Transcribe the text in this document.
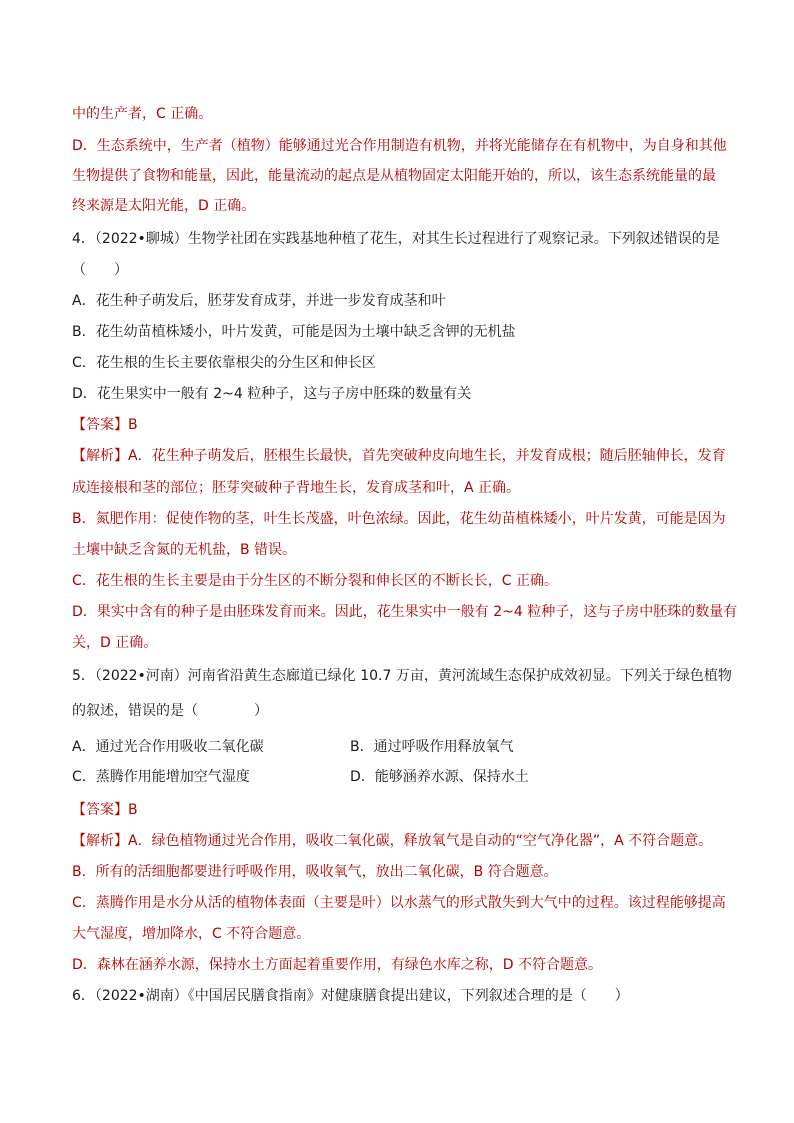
中的生产者，C 正确。
D．生态系统中，生产者（植物）能够通过光合作用制造有机物，并将光能储存在有机物中，为自身和其他
生物提供了食物和能量，因此，能量流动的起点是从植物固定太阳能开始的，所以，该生态系统能量的最
终来源是太阳光能，D 正确。
4．（2022•聊城）生物学社团在实践基地种植了花生，对其生长过程进行了观察记录。下列叙述错误的是
（　　）
A．花生种子萌发后，胚芽发育成芽，并进一步发育成茎和叶
B．花生幼苗植株矮小，叶片发黄，可能是因为土壤中缺乏含钾的无机盐
C．花生根的生长主要依靠根尖的分生区和伸长区
D．花生果实中一般有 2~4 粒种子，这与子房中胚珠的数量有关
【答案】B
【解析】A．花生种子萌发后，胚根生长最快，首先突破种皮向地生长，并发育成根；随后胚轴伸长，发育
成连接根和茎的部位；胚芽突破种子背地生长，发育成茎和叶，A 正确。
B．氮肥作用：促使作物的茎，叶生长茂盛，叶色浓绿。因此，花生幼苗植株矮小，叶片发黄，可能是因为
土壤中缺乏含氮的无机盐，B 错误。
C．花生根的生长主要是由于分生区的不断分裂和伸长区的不断长长，C 正确。
D．果实中含有的种子是由胚珠发育而来。因此，花生果实中一般有 2~4 粒种子，这与子房中胚珠的数量有
关，D 正确。
5．（2022•河南）河南省沿黄生态廊道已绿化 10.7 万亩，黄河流域生态保护成效初显。下列关于绿色植物
的叙述，错误的是（　　　　）
A．通过光合作用吸收二氧化碳	B．通过呼吸作用释放氧气
C．蒸腾作用能增加空气湿度	D．能够涵养水源、保持水土
【答案】B
【解析】A．绿色植物通过光合作用，吸收二氧化碳，释放氧气是自动的“空气净化器”，A 不符合题意。
B．所有的活细胞都要进行呼吸作用，吸收氧气，放出二氧化碳，B 符合题意。
C．蒸腾作用是水分从活的植物体表面（主要是叶）以水蒸气的形式散失到大气中的过程。该过程能够提高
大气湿度，增加降水，C 不符合题意。
D．森林在涵养水源，保持水土方面起着重要作用，有绿色水库之称，D 不符合题意。
6．（2022•湖南）《中国居民膳食指南》对健康膳食提出建议，下列叙述合理的是（　　）
